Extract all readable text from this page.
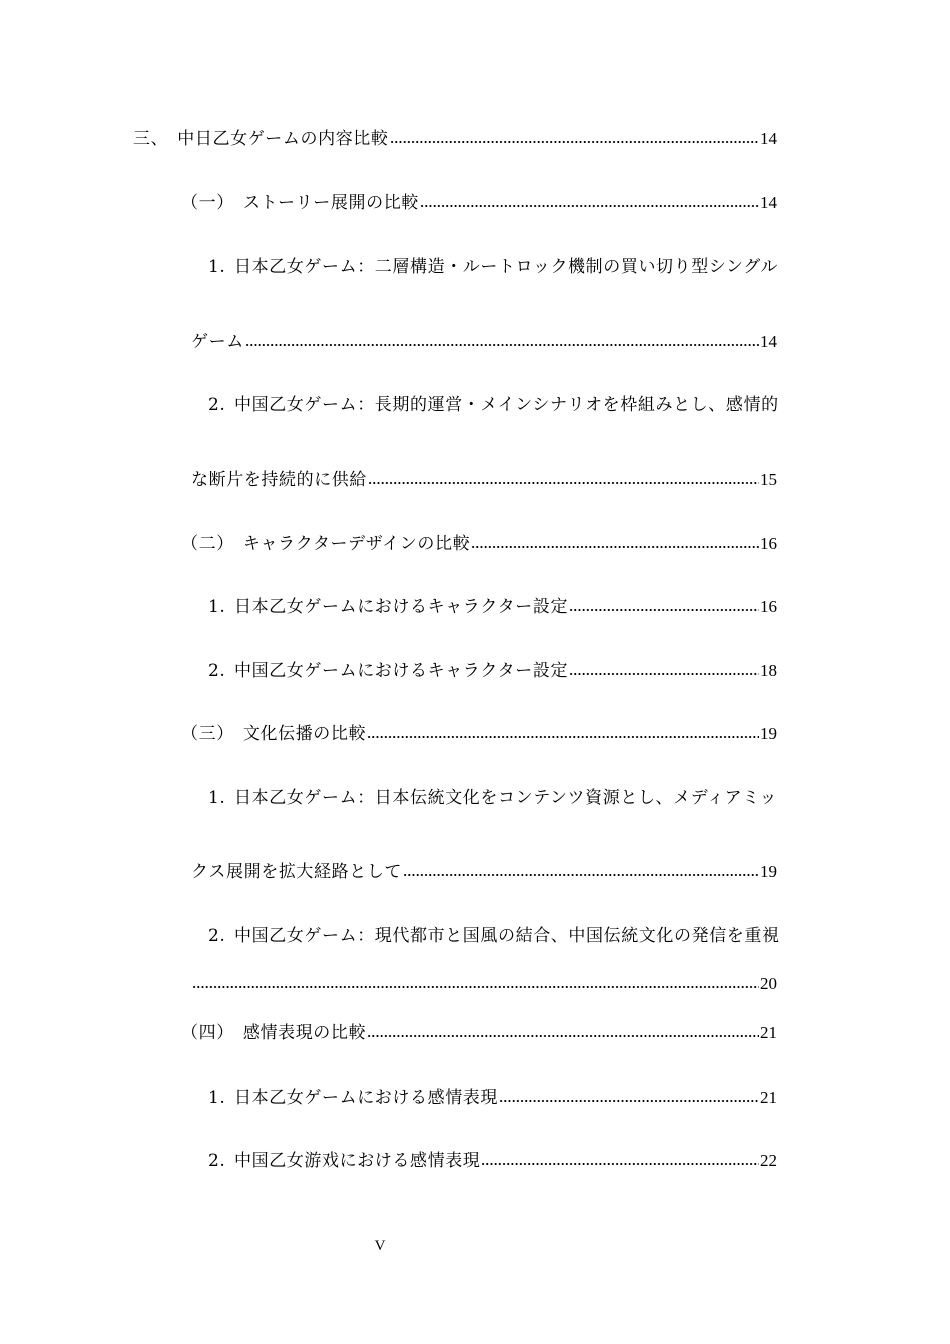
三、　中日乙女ゲームの内容比較	14
（一）　ストーリー展開の比較	14
1. 日本乙女ゲーム：二層構造・ルートロック機制の買い切り型シングル
ゲーム	14
2. 中国乙女ゲーム：長期的運営・メインシナリオを枠組みとし、感情的
な断片を持続的に供給	15
（二）　キャラクターデザインの比較	16
1. 日本乙女ゲームにおけるキャラクター設定	16
2. 中国乙女ゲームにおけるキャラクター設定	18
（三）　文化伝播の比較	19
1. 日本乙女ゲーム：日本伝統文化をコンテンツ資源とし、メディアミッ
クス展開を拡大経路として	19
2. 中国乙女ゲーム：現代都市と国風の結合、中国伝統文化の発信を重視
20
（四）　感情表現の比較	21
1. 日本乙女ゲームにおける感情表現	21
2. 中国乙女游戏における感情表現	22
V
